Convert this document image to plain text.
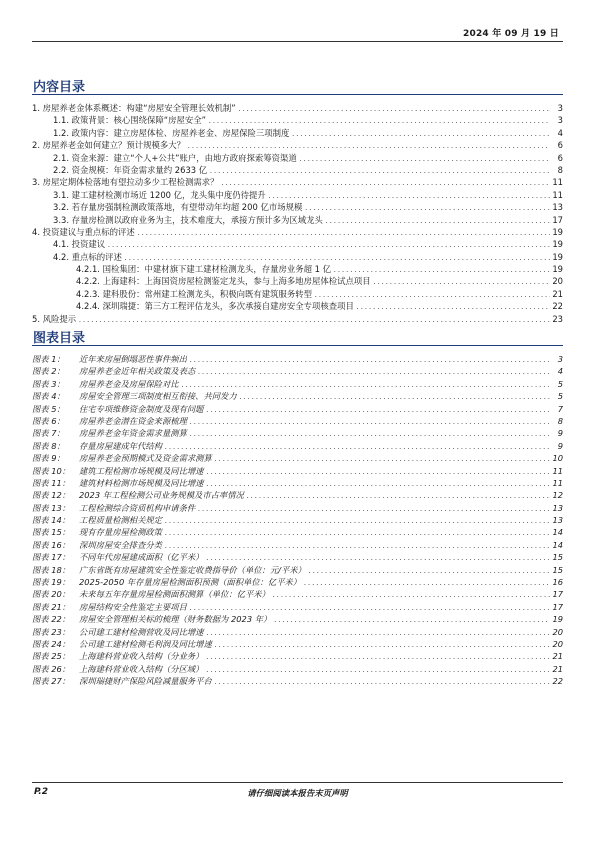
2024 年 09 月 19 日
内容目录
1. 房屋养老金体系概述：构建“房屋安全管理长效机制” .....	3
1.1. 政策背景：核心围绕保障“房屋安全” .....	3
1.2. 政策内容：建立房屋体检、房屋养老金、房屋保险三项制度 .....	4
2. 房屋养老金如何建立？预计规模多大？ .....	6
2.1. 资金来源：建立“个人+公共”账户，由地方政府探索筹资渠道 .....	6
2.2. 资金规模：年资金需求量约 2633 亿 .....	8
3. 房屋定期体检落地有望拉动多少工程检测需求？ .....	11
3.1. 建工建材检测市场近 1200 亿，龙头集中度仍待提升 .....	11
3.2. 若存量房强制检测政策落地，有望带动年均超 200 亿市场规模 .....	13
3.3. 存量房检测以政府业务为主，技术难度大，承接方预计多为区域龙头 .....	17
4. 投资建议与重点标的评述 .....	19
4.1. 投资建议 .....	19
4.2. 重点标的评述 .....	19
4.2.1. 国检集团：中建材旗下建工建材检测龙头，存量房业务超 1 亿 .....	19
4.2.2. 上海建科：上海国资房屋检测鉴定龙头，参与上海多地房屋体检试点项目 .....	20
4.2.3. 建科股份：常州建工检测龙头，积极向既有建筑服务转型 .....	21
4.2.4. 深圳瑞捷：第三方工程评估龙头，多次承接自建房安全专项核查项目 .....	22
5. 风险提示 .....	23
图表目录
图表 1：	近年来房屋倒塌恶性事件频出 .....	3
图表 2：	房屋养老金近年相关政策及表态 .....	4
图表 3：	房屋养老金及房屋保险对比 .....	5
图表 4：	房屋安全管理三项制度相互衔接、共同发力 .....	5
图表 5：	住宅专项维修资金制度及现有问题 .....	7
图表 6：	房屋养老金潜在资金来源梳理 .....	8
图表 7：	房屋养老金年资金需求量测算 .....	9
图表 8：	存量房屋建成年代结构 .....	9
图表 9：	房屋养老金预期模式及资金需求测算 .....	10
图表 10：	建筑工程检测市场规模及同比增速 .....	11
图表 11：	建筑材料检测市场规模及同比增速 .....	11
图表 12：	2023 年工程检测公司业务规模及市占率情况 .....	12
图表 13：	工程检测综合资质机构申请条件 .....	13
图表 14：	工程质量检测相关规定 .....	13
图表 15：	现有存量房屋检测政策 .....	14
图表 16：	深圳房屋安全排查分类 .....	14
图表 17：	不同年代房屋建成面积（亿平米） .....	15
图表 18：	广东省既有房屋建筑安全性鉴定收费指导价（单位：元/平米） .....	15
图表 19：	2025-2050 年存量房屋检测面积预测（面积单位：亿平米） .....	16
图表 20：	未来每五年存量房屋检测面积测算（单位：亿平米） .....	17
图表 21：	房屋结构安全性鉴定主要项目 .....	17
图表 22：	房屋安全管理相关标的梳理（财务数据为 2023 年） .....	19
图表 23：	公司建工建材检测营收及同比增速 .....	20
图表 24：	公司建工建材检测毛利润及同比增速 .....	20
图表 25：	上海建科营业收入结构（分业务） .....	21
图表 26：	上海建科营业收入结构（分区域） .....	21
图表 27：	深圳瑞捷财产保险风险减量服务平台 .....	22
P.2	请仔细阅读本报告末页声明
